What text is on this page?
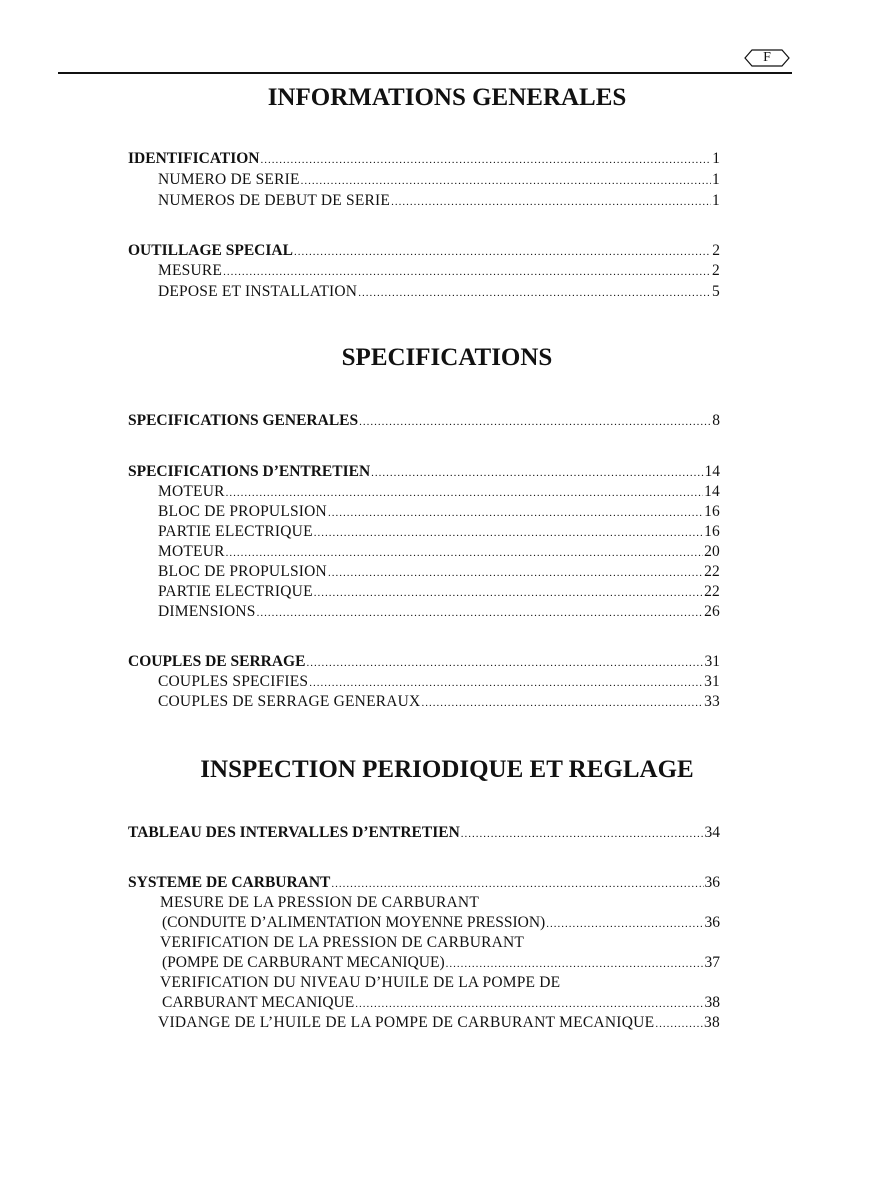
F
INFORMATIONS GENERALES
IDENTIFICATION .....	1
NUMERO DE SERIE .....	1
NUMEROS DE DEBUT DE SERIE .....	1
OUTILLAGE SPECIAL .....	2
MESURE .....	2
DEPOSE ET INSTALLATION .....	5
SPECIFICATIONS
SPECIFICATIONS GENERALES .....	8
SPECIFICATIONS D’ENTRETIEN .....	14
MOTEUR .....	14
BLOC DE PROPULSION .....	16
PARTIE ELECTRIQUE .....	16
MOTEUR .....	20
BLOC DE PROPULSION .....	22
PARTIE ELECTRIQUE .....	22
DIMENSIONS .....	26
COUPLES DE SERRAGE .....	31
COUPLES SPECIFIES .....	31
COUPLES DE SERRAGE GENERAUX .....	33
INSPECTION PERIODIQUE ET REGLAGE
TABLEAU DES INTERVALLES D’ENTRETIEN .....	34
SYSTEME DE CARBURANT .....	36
MESURE DE LA PRESSION DE CARBURANT
(CONDUITE D’ALIMENTATION MOYENNE PRESSION) .....	36
VERIFICATION DE LA PRESSION DE CARBURANT
(POMPE DE CARBURANT MECANIQUE) .....	37
VERIFICATION DU NIVEAU D’HUILE DE LA POMPE DE
CARBURANT MECANIQUE .....	38
VIDANGE DE L’HUILE DE LA POMPE DE CARBURANT MECANIQUE .....	38
